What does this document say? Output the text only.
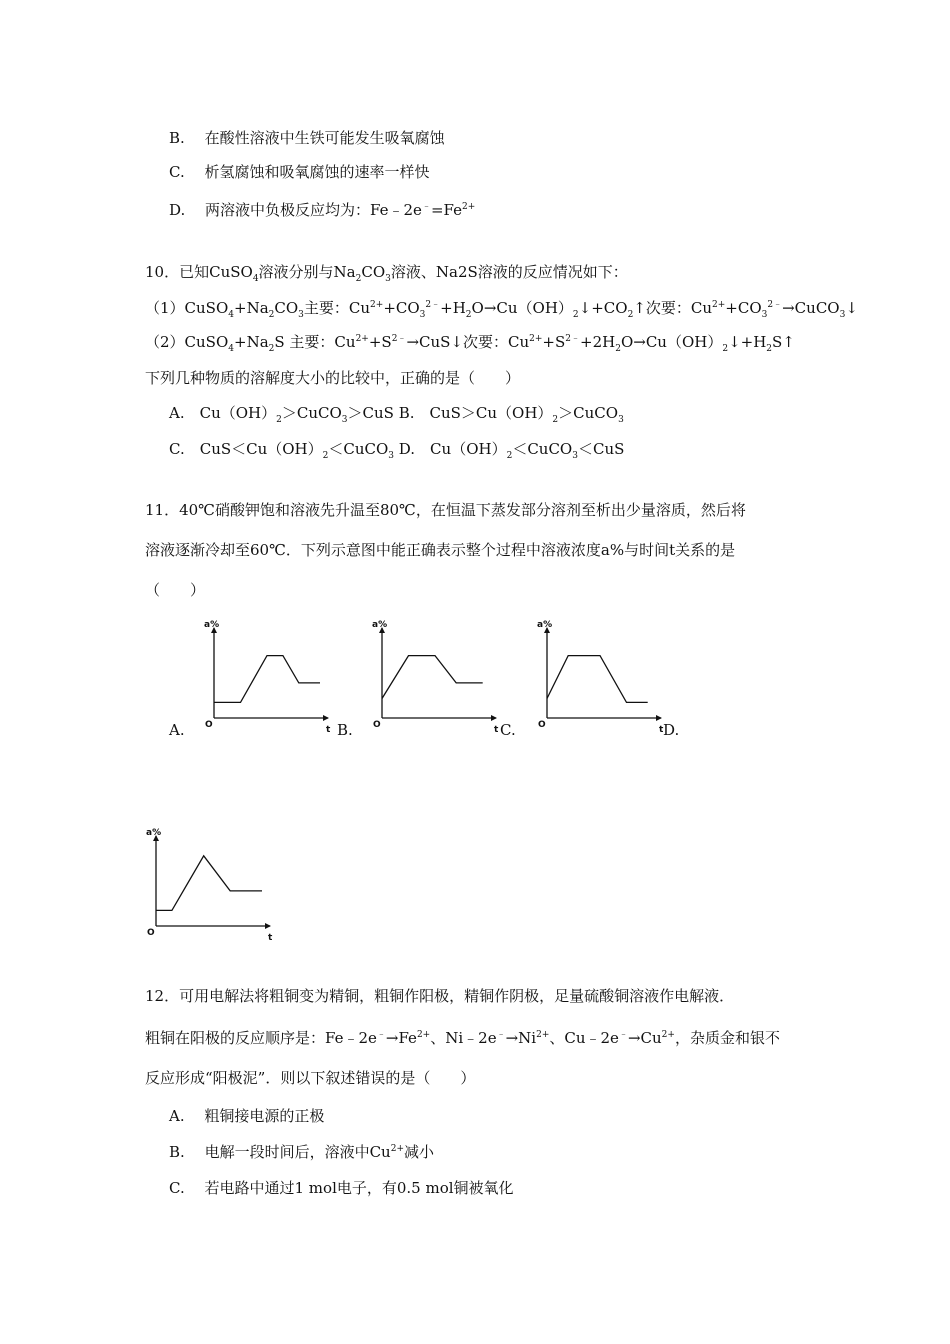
B.　 在酸性溶液中生铁可能发生吸氧腐蚀
C.　 析氢腐蚀和吸氧腐蚀的速率一样快
D.　 两溶液中负极反应均为：$Fe﹣2e^﹣=Fe^{2+}$
10．已知CuSO$_4$溶液分别与$Na_2CO_3$溶液、Na2S溶液的反应情况如下：
$(1)CuSO_4+Na_2CO_3$主要：$Cu^{2+}+CO_3^{2﹣}+H_2O\to Cu(OH)_2↓+CO_2↑$次要：$Cu^{2+}+CO_3^{2﹣}\to CuCO_3↓$
$(2)CuSO_4+Na_2S$ 主要：$Cu^{2+}+S^{2﹣}\to CuS↓$次要：$Cu^{2+}+S^{2﹣}+2H_2O\to Cu(OH)_2↓+H_2S↑$
下列几种物质的溶解度大小的比较中，正确的是（　　）
A.　$Cu(OH)_2>CuCO_3>CuS$ B.　$CuS>Cu(OH)_2>CuCO_3$
C.　$CuS<Cu(OH)_2<CuCO_3$ D.　$Cu(OH)_2<CuCO_3<CuS$
11．40℃硝酸钾饱和溶液先升温至80℃，在恒温下蒸发部分溶剂至析出少量溶质，然后将
溶液逐渐冷却至60℃．下列示意图中能正确表示整个过程中溶液浓度a%与时间t关系的是
（　　）
a%
t
O
A.
a%
t
O
B.
a%
t
O
C.	D.
a%
t
O
12．可用电解法将粗铜变为精铜，粗铜作阳极，精铜作阴极，足量硫酸铜溶液作电解液．
粗铜在阳极的反应顺序是：$Fe﹣2e^﹣\to Fe^{2+}$、$Ni﹣2e^﹣\to Ni^{2+}$、$Cu﹣2e^﹣\to Cu^{2+}$，杂质金和银不
反应形成“阳极泥”．则以下叙述错误的是（　　）
A.　 粗铜接电源的正极
B.　 电解一段时间后，溶液中$Cu^{2+}$减小
C.　 若电路中通过1 mol电子，有0.5 mol铜被氧化
